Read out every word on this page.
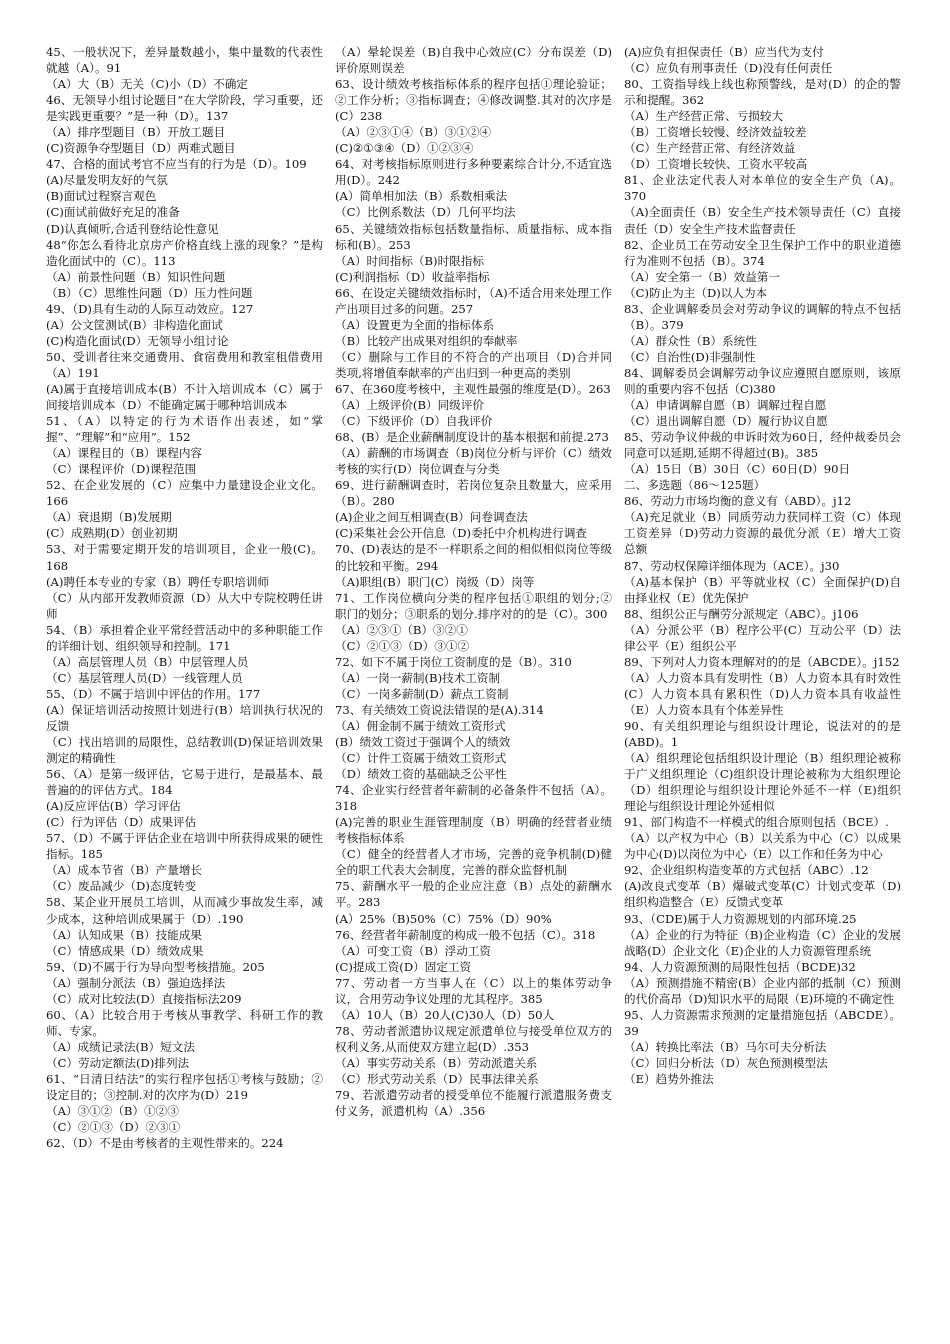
45、一般状况下，差异量数越小，集中量数的代表性就越（A）。91

（A）大（B）无关（C)小（D）不确定

46、无领导小组讨论题目“在大学阶段，学习重要，还是实践更重要？”是一种（D）。137

（A）排序型题目（B）开放工题目

(C)资源争夺型题目（D）两难式题目

47、合格的面试考官不应当有的行为是（D）。109

(A)尽量发明友好的气氛

(B)面试过程察言观色

(C)面试前做好充足的准备

(D)认真倾听,合适刊登结论性意见

48“你怎么看待北京房产价格直线上涨的现象？”是构造化面试中的（C）。113

（A）前景性问题（B）知识性问题

（B）（C）思维性问题（D）压力性问题

49、（D)具有生动的人际互动效应。127

(A）公文筐测试(B）非构造化面试

(C)构造化面试(D）无领导小组讨论

50、受训者往来交通费用、食宿费用和教室租借费用（A）191

(A)属于直接培训成本(B）不计入培训成本（C）属于间接培训成本（D）不能确定属于哪种培训成本

51、（A）以特定的行为术语作出表述，如“掌握”、“理解”和“应用”。152

（A）课程目的（B）课程内容

（C）课程评价（D)课程范围

52、在企业发展的（C）应集中力量建设企业文化。166

（A）衰退期（B)发展期

(C）成熟期(D）创业初期

53、对于需要定期开发的培训项目，企业一般(C)。168

(A)聘任本专业的专家（B）聘任专职培训师

（C）从内部开发教师资源（D）从大中专院校聘任讲师

54、（B）承担着企业平常经营活动中的多种职能工作的详细计划、组织领导和控制。171

（A）高层管理人员（B）中层管理人员

（C）基层管理人员(D）一线管理人员

55、（D）不属于培训中评估的作用。177

(A）保证培训活动按照计划进行(B）培训执行状况的反馈

（C）找出培训的局限性，总结教训(D)保证培训效果测定的精确性

56、（A）是第一级评估，它易于进行，是最基本、最普遍的的评估方式。184

(A)反应评估(B）学习评估

(C）行为评估（D）成果评估

57、（D）不属于评估企业在培训中所获得成果的硬性指标。185

（A）成本节省（B）产量增长

（C）废品减少（D)态度转变

58、某企业开展员工培训，从而减少事故发生率，减少成本，这种培训成果属于（D）.190

（A）认知成果（B）技能成果

（C）情感成果（D）绩效成果

59、（D)不属于行为导向型考核措施。205

（A）强制分派法（B）强迫选择法

（C）成对比较法(D）直接指标法209

60、（A）比较合用于考核从事教学、科研工作的教师、专家。

（A）成绩记录法(B）短文法

（C）劳动定额法(D)排列法

61、“日清日结法”的实行程序包括①考核与鼓励；②设定目的；③控制.对的次序为(D）219

（A）③①②（B）①②③

（C）②①③（D）②③①

62、（D）不是由考核者的主观性带来的。224

（A）晕轮误差（B)自我中心效应(C）分布误差（D)评价原则误差

63、设计绩效考核指标体系的程序包括①理论验证；②工作分析；③指标调查；④修改调整.其对的次序是(C）238

（A）②③①④（B）③①②④

(C)②①③④（D）①②③④

64、对考核指标原则进行多种要素综合计分,不适宜选用(D）。242

(A）简单相加法（B）系数相乘法

（C）比例系数法（D）几何平均法

65、关键绩效指标包括数量指标、质量指标、成本指标和(B）。253

（A）时间指标（B)时限指标

(C)利润指标（D）收益率指标

66、在设定关键绩效指标时，（A)不适合用来处理工作产出项目过多的问题。257

（A）设置更为全面的指标体系

（B）比较产出成果对组织的奉献率

（C）删除与工作目的不符合的产出项目（D)合并同类项,将增值奉献率的产出归到一种更高的类别

67、在360度考核中，主观性最强的维度是(D）。263

（A）上级评价(B）同级评价

（C）下级评价（D）自我评价

68、(B）是企业薪酬制度设计的基本根据和前提.273

（A）薪酬的市场调查（B)岗位分析与评价（C）绩效考核的实行(D）岗位调查与分类

69、进行薪酬调查时，若岗位复杂且数量大，应采用（B）。280

(A)企业之间互相调查(B）问卷调查法

(C)采集社会公开信息（D)委托中介机构进行调查

70、(D)表达的是不一样职系之间的相似相似岗位等级的比较和平衡。294

（A)职组(B）职门(C）岗级（D）岗等

71、工作岗位横向分类的程序包括①职组的划分;② 职门的划分；③职系的划分.排序对的的是（C）。300

（A）②③①（B）③②①

（C）②①③（D）③①②

72、如下不属于岗位工资制度的是（B）。310

（A）一岗一薪制(B)技术工资制

（C）一岗多薪制(D）薪点工资制

73、有关绩效工资说法错误的是(A).314

（A）佣金制不属于绩效工资形式

(B）绩效工资过于强调个人的绩效

（C）计件工资属于绩效工资形式

（D）绩效工资的基础缺乏公平性

74、企业实行经营者年薪制的必备条件不包括（A）。318

(A)完善的职业生涯管理制度（B）明确的经营者业绩考核指标体系

（C）健全的经营者人才市场，完善的竞争机制(D)健全的职工代表大会制度，完善的群众监督机制

75、薪酬水平一般的企业应注意（B）点处的薪酬水平。283

(A）25%（B)50%（C）75%（D）90%

76、经营者年薪制度的构成一般不包括（C）。318

（A）可变工资（B）浮动工资

(C)提成工资(D）固定工资

77、劳动者一方当事人在（C）以上的集体劳动争议，合用劳动争议处理的尤其程序。385

（A）10人（B）20人(C)30人（D）50人

78、劳动者派遣协议规定派遣单位与接受单位双方的权利义务,从而使双方建立起(D）.353

（A）事实劳动关系（B）劳动派遣关系

（C）形式劳动关系（D）民事法律关系

79、若派遣劳动者的授受单位不能履行派遣服务费支付义务，派遣机构（A）.356

(A)应负有担保责任（B）应当代为支付

（C）应负有刑事责任（D)没有任何责任

80、工资指导线上线也称预警线，是对(D）的企的警示和提醒。362

（A）生产经营正常、亏损较大

（B）工资增长较慢、经济效益较差

（C）生产经营正常、有经济效益

（D）工资增长较快、工资水平较高

81、企业法定代表人对本单位的安全生产负（A)。370

（A)全面责任（B）安全生产技术领导责任（C）直接责任（D）安全生产技术监督责任

82、企业员工在劳动安全卫生保护工作中的职业道德行为准则不包括（B）。374

（A）安全第一（B）效益第一

（C)防止为主（D)以人为本

83、企业调解委员会对劳动争议的调解的特点不包括（B）。379

（A）群众性（B）系统性

（C）自治性(D)非强制性

84、调解委员会调解劳动争议应遵照自愿原则，该原则的重要内容不包括（C)380

（A）申请调解自愿（B）调解过程自愿

（C）退出调解自愿（D）履行协议自愿

85、劳动争议仲裁的申诉时效为60日，经仲裁委员会同意可以延期,延期不得超过(B)。385

（A）15日（B）30日（C）60日(D）90日

二、多选题（86～125题）

86、劳动力市场均衡的意义有（ABD）。j12

（A)充足就业（B）同质劳动力获同样工资（C）体现工资差异（D)劳动力资源的最优分派（E）增大工资总额

87、劳动权保障详细体现为（ACE）。j30

（A)基本保护（B）平等就业权（C）全面保护(D)自由择业权（E）优先保护

88、组织公正与酬劳分派规定（ABC）。j106

（A）分派公平（B）程序公平(C）互动公平（D）法律公平（E）组织公平

89、下列对人力资本理解对的的是（ABCDE）。j152

（A）人力资本具有发明性（B）人力资本具有时效性(C）人力资本具有累积性（D)人力资本具有收益性（E）人力资本具有个体差异性

90、有关组织理论与组织设计理论，说法对的的是(ABD)。1

（A）组织理论包括组织设计理论（B）组织理论被称于广义组织理论（C)组织设计理论被称为大组织理论（D）组织理论与组织设计理论外延不一样（E)组织理论与组织设计理论外延相似

91、部门构造不一样模式的组合原则包括（BCE）.

（A）以产权为中心（B）以关系为中心（C）以成果为中心(D)以岗位为中心（E）以工作和任务为中心

92、企业组织构造变革的方式包括（ABC）.12

(A)改良式变革（B）爆破式变革(C）计划式变革（D)组织构造整合（E）反馈式变革

93、（CDE)属于人力资源规划的内部环境.25

（A）企业的行为特征（B)企业构造（C）企业的发展战略(D）企业文化（E)企业的人力资源管理系统

94、人力资源预测的局限性包括（BCDE)32

（A）预测措施不精密(B）企业内部的抵制（C）预测的代价高昂（D)知识水平的局限（E)环境的不确定性

95、人力资源需求预测的定量措施包括（ABCDE）。39

（A）转换比率法（B）马尔可夫分析法

（C）回归分析法（D）灰色预测模型法

（E）趋势外推法
